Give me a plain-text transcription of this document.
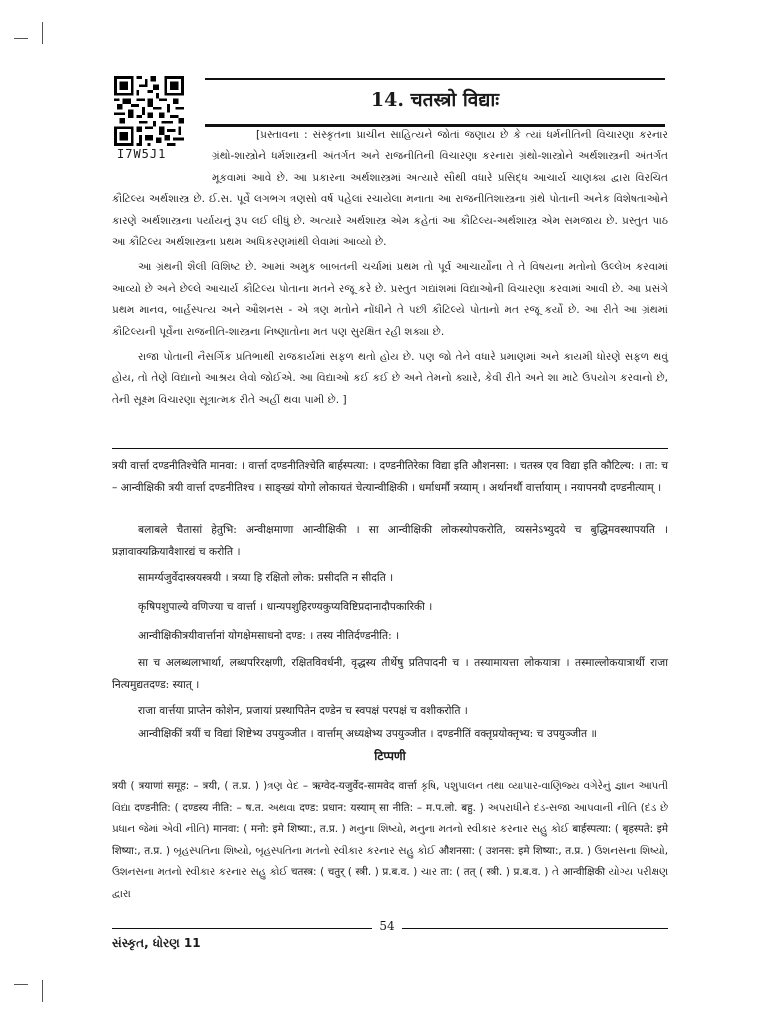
I7W5J1
14. चतस्त्रो विद्याः

[પ્રસ્તાવના : સંસ્કૃતના પ્રાચીન સાહિત્યને જોતાં જણાય છે કે ત્યાં ધર્મનીતિની વિચારણા કરનાર ગ્રંથો-શાસ્ત્રોને ધર્મશાસ્ત્રની અંતર્ગત અને રાજનીતિની વિચારણા કરનારા ગ્રંથો-શાસ્ત્રોને અર્થશાસ્ત્રની અંતર્ગત મૂકવામાં આવે છે. આ પ્રકારના અર્થશાસ્ત્રમાં અત્યારે સૌથી વધારે પ્રસિદ્ધ આચાર્ય ચાણક્ય દ્વારા વિરચિત કૌટિલ્ય અર્થશાસ્ત્ર છે. ઈ.સ. પૂર્વે લગભગ ત્રણસો વર્ષ પહેલાં રચાયેલા મનાતા આ રાજનીતિશાસ્ત્રના ગ્રંથે પોતાની અનેક વિશેષતાઓને કારણે અર્થશાસ્ત્રના પર્યાયનું રૂપ લઈ લીધું છે. અત્યારે અર્થશાસ્ત્ર એમ કહેતાં આ કૌટિલ્ય-અર્થશાસ્ત્ર એમ સમજાય છે. પ્રસ્તુત પાઠ આ કૌટિલ્ય અર્થશાસ્ત્રના પ્રથમ અધિકરણમાંથી લેવામાં આવ્યો છે.

આ ગ્રંથની શૈલી વિશિષ્ટ છે. આમાં અમુક બાબતની ચર્ચામાં પ્રથમ તો પૂર્વ આચાર્યોના તે તે વિષયના મતોનો ઉલ્લેખ કરવામાં આવ્યો છે અને છેલ્લે આચાર્ય કૌટિલ્ય પોતાના મતને રજૂ કરે છે. પ્રસ્તુત ગદ્યાંશમાં વિદ્યાઓની વિચારણા કરવામાં આવી છે. આ પ્રસંગે પ્રથમ માનવ, બાર્હસ્પત્ય અને ઔશનસ - એ ત્રણ મતોને નોંધીને તે પછી કૌટિલ્યે પોતાનો મત રજૂ કર્યો છે. આ રીતે આ ગ્રંથમાં કૌટિલ્યની પૂર્વેના રાજનીતિ-શાસ્ત્રના નિષ્ણાતોના મત પણ સુરક્ષિત રહી શક્યા છે.

રાજા પોતાની નૈસર્ગિક પ્રતિભાથી રાજકાર્યમાં સફળ થતો હોય છે. પણ જો તેને વધારે પ્રમાણમાં અને કાયમી ધોરણે સફળ થવું હોય, તો તેણે વિદ્યાનો આશ્રય લેવો જોઈએ. આ વિદ્યાઓ કઈ કઈ છે અને તેમનો ક્યારે, કેવી રીતે અને શા માટે ઉપયોગ કરવાનો છે, તેની સૂક્ષ્મ વિચારણા સૂત્રાત્મક રીતે અહીં થવા પામી છે. ]

त्रयी वार्त्ता दण्डनीतिश्चेति मानवा: । वार्त्ता दण्डनीतिश्चेति बार्हस्पत्या: । दण्डनीतिरेका विद्या इति औशनसा: । चतस्त्र एव विद्या इति कौटिल्य: । ता: च – आन्वीक्षिकी त्रयी वार्त्ता दण्डनीतिश्च । साङ्ख्यं योगो लोकायतं चेत्यान्वीक्षिकी । धर्माधर्मौ त्रय्याम् । अर्थानर्थौ वार्त्तायाम् । नयापनयौ दण्डनीत्याम् ।
बलाबले चैतासां हेतुभि: अन्वीक्षमाणा आन्वीक्षिकी । सा आन्वीक्षिकी लोकस्योपकरोति, व्यसनेऽभ्युदये च बुद्धिमवस्थापयति । प्रज्ञावाक्यक्रियावैशारद्यं च करोति ।
सामर्ग्यजुर्वेदास्त्रयस्त्रयी । त्रय्या हि रक्षितो लोक: प्रसीदति न सीदति ।
कृषिपशुपाल्ये वणिज्या च वार्त्ता । धान्यपशुहिरण्यकुप्यविष्टिप्रदानादौपकारिकी ।
आन्वीक्षिकीत्रयीवार्त्तानां योगक्षेमसाधनो दण्ड: । तस्य नीतिर्दण्डनीति: ।
सा च अलब्धलाभार्था, लब्धपरिरक्षणी, रक्षितविवर्धनी, वृद्धस्य तीर्थेषु प्रतिपादनी च । तस्यामायत्ता लोकयात्रा । तस्माल्लोकयात्रार्थी राजा नित्यमुद्यतदण्ड: स्यात् ।
राजा वार्त्तया प्राप्तेन कोशेन, प्रजायां प्रस्थापितेन दण्डेन च स्वपक्षं परपक्षं च वशीकरोति ।
आन्वीक्षिकीं त्रयीं च विद्यां शिष्टेभ्य उपयुञ्जीत । वार्त्ताम् अध्यक्षेभ्य उपयुञ्जीत । दण्डनीतिं वक्तृप्रयोक्तृभ्य: च उपयुञ्जीत ॥
टिप्पणी
त्रयी ( त्रयाणां समूह: – त्रयी, ( त.प्र. ) )ત્રણ વેદ – ऋग्वेद-यजुर्वेद-सामवेद वार्त्ता કૃષિ, પશુપાલન તથા વ્યાપાર-વાણિજ્ય વગેરેનું જ્ઞાન આપતી વિદ્યા दण्डनीति: ( दण्डस्य नीति: – ष.त. અથવા दण्ड: प्रधान: यस्याम् सा नीति: – म.प.लो. बहु. ) અપરાધીને દંડ-સજા આપવાની નીતિ (દંડ છે પ્રધાન જેમાં એવી નીતિ) मानवा: ( मनो: इमे शिष्या:, त.प्र. ) મનુના શિષ્યો, મનુના મતનો સ્વીકાર કરનાર સહુ કોઈ बार्हस्पत्या: ( बृहस्पते: इमे शिष्या:, त.प्र. ) બૃહસ્પતિના શિષ્યો, બૃહસ્પતિના મતનો સ્વીકાર કરનાર સહુ કોઈ औशनसा: ( उशनस: इमे शिष्या:, त.प्र. ) ઉશનસના શિષ્યો, ઉશનસના મતનો સ્વીકાર કરનાર સહુ કોઈ चतस्त्र: ( चतुर् ( स्त्री. ) प्र.ब.व. ) ચાર ता: ( तत् ( स्त्री. ) प्र.ब.व. ) તે आन्वीक्षिकी યોગ્ય પરીક્ષણ દ્વારા
54
સંસ્કૃત, ધોરણ 11
